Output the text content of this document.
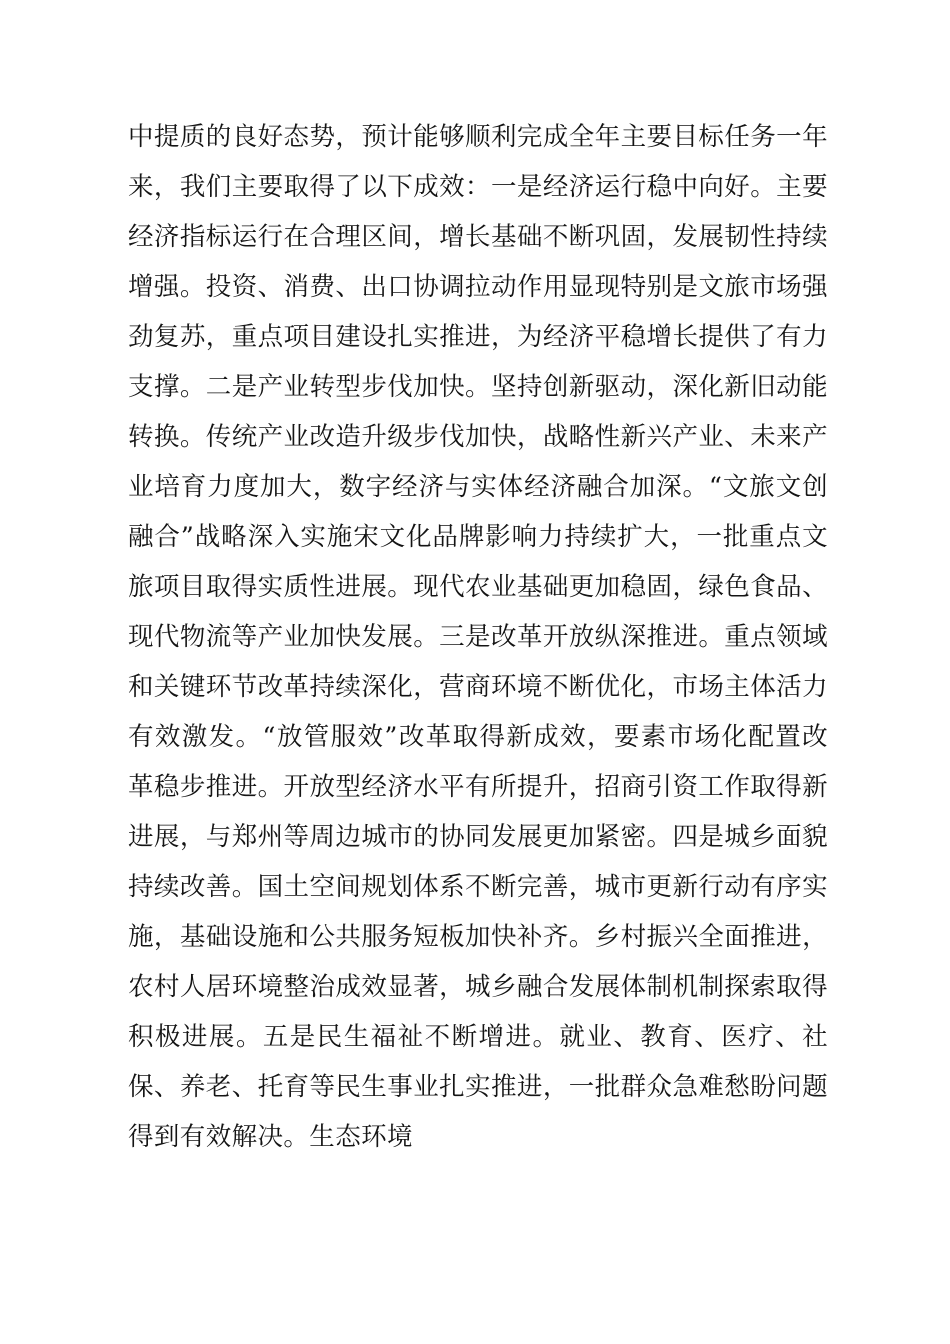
中提质的良好态势，预计能够顺利完成全年主要目标任务一年来，我们主要取得了以下成效：一是经济运行稳中向好。主要经济指标运行在合理区间，增长基础不断巩固，发展韧性持续增强。投资、消费、出口协调拉动作用显现特别是文旅市场强劲复苏，重点项目建设扎实推进，为经济平稳增长提供了有力支撑。二是产业转型步伐加快。坚持创新驱动，深化新旧动能转换。传统产业改造升级步伐加快，战略性新兴产业、未来产业培育力度加大，数字经济与实体经济融合加深。“文旅文创融合”战略深入实施宋文化品牌影响力持续扩大，一批重点文旅项目取得实质性进展。现代农业基础更加稳固，绿色食品、现代物流等产业加快发展。三是改革开放纵深推进。重点领域和关键环节改革持续深化，营商环境不断优化，市场主体活力有效激发。“放管服效”改革取得新成效，要素市场化配置改革稳步推进。开放型经济水平有所提升，招商引资工作取得新进展，与郑州等周边城市的协同发展更加紧密。四是城乡面貌持续改善。国土空间规划体系不断完善，城市更新行动有序实施，基础设施和公共服务短板加快补齐。乡村振兴全面推进，农村人居环境整治成效显著，城乡融合发展体制机制探索取得积极进展。五是民生福祉不断增进。就业、教育、医疗、社保、养老、托育等民生事业扎实推进，一批群众急难愁盼问题得到有效解决。生态环境
